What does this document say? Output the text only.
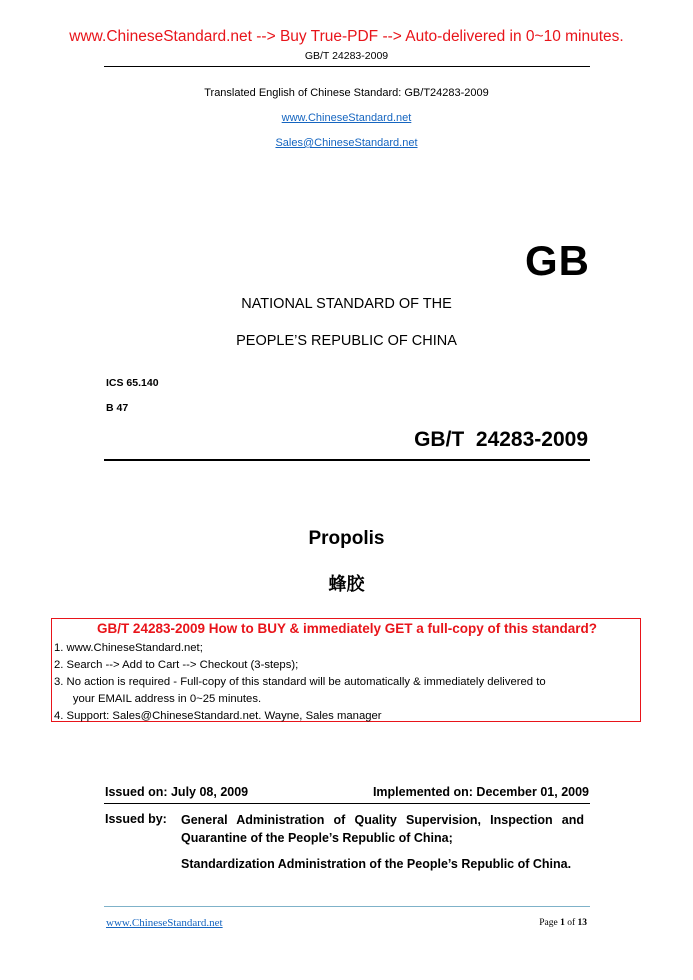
www.ChineseStandard.net --> Buy True-PDF --> Auto-delivered in 0~10 minutes.
GB/T 24283-2009
Translated English of Chinese Standard: GB/T24283-2009
www.ChineseStandard.net
Sales@ChineseStandard.net
GB
NATIONAL STANDARD OF THE
PEOPLE’S REPUBLIC OF CHINA
ICS 65.140
B 47
GB/T  24283-2009
Propolis
蜂胶
GB/T 24283-2009 How to BUY & immediately GET a full-copy of this standard?
1. www.ChineseStandard.net;
2. Search --> Add to Cart --> Checkout (3-steps);
3. No action is required - Full-copy of this standard will be automatically & immediately delivered to
your EMAIL address in 0~25 minutes.
4. Support: Sales@ChineseStandard.net. Wayne, Sales manager
Issued on: July 08, 2009	Implemented on: December 01, 2009
Issued by: General Administration of Quality Supervision, Inspection and Quarantine of the People’s Republic of China;
Standardization Administration of the People’s Republic of China.
www.ChineseStandard.net	Page 1 of 13
